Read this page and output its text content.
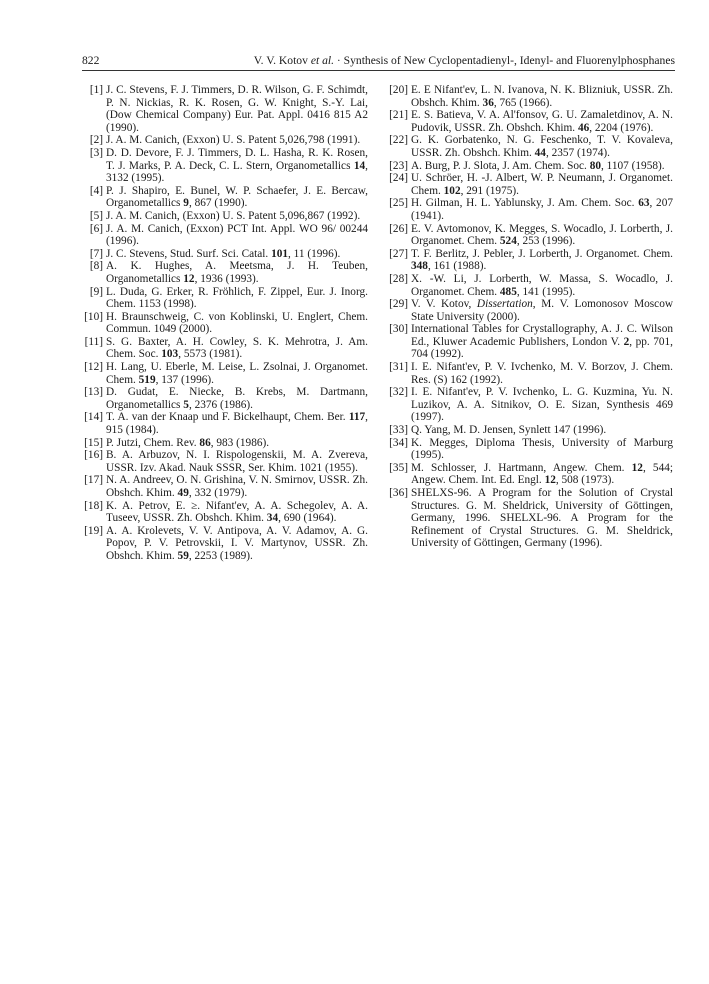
822	V. V. Kotov et al. · Synthesis of New Cyclopentadienyl-, Idenyl- and Fluorenylphosphanes
[1] J. C. Stevens, F. J. Timmers, D. R. Wilson, G. F. Schimdt, P. N. Nickias, R. K. Rosen, G. W. Knight, S.-Y. Lai, (Dow Chemical Company) Eur. Pat. Appl. 0416 815 A2 (1990).
[2] J. A. M. Canich, (Exxon) U. S. Patent 5,026,798 (1991).
[3] D. D. Devore, F. J. Timmers, D. L. Hasha, R. K. Rosen, T. J. Marks, P. A. Deck, C. L. Stern, Organometallics 14, 3132 (1995).
[4] P. J. Shapiro, E. Bunel, W. P. Schaefer, J. E. Bercaw, Organometallics 9, 867 (1990).
[5] J. A. M. Canich, (Exxon) U. S. Patent 5,096,867 (1992).
[6] J. A. M. Canich, (Exxon) PCT Int. Appl. WO 96/ 00244 (1996).
[7] J. C. Stevens, Stud. Surf. Sci. Catal. 101, 11 (1996).
[8] A. K. Hughes, A. Meetsma, J. H. Teuben, Organometallics 12, 1936 (1993).
[9] L. Duda, G. Erker, R. Fröhlich, F. Zippel, Eur. J. Inorg. Chem. 1153 (1998).
[10] H. Braunschweig, C. von Koblinski, U. Englert, Chem. Commun. 1049 (2000).
[11] S. G. Baxter, A. H. Cowley, S. K. Mehrotra, J. Am. Chem. Soc. 103, 5573 (1981).
[12] H. Lang, U. Eberle, M. Leise, L. Zsolnai, J. Organomet. Chem. 519, 137 (1996).
[13] D. Gudat, E. Niecke, B. Krebs, M. Dartmann, Organometallics 5, 2376 (1986).
[14] T. A. van der Knaap und F. Bickelhaupt, Chem. Ber. 117, 915 (1984).
[15] P. Jutzi, Chem. Rev. 86, 983 (1986).
[16] B. A. Arbuzov, N. I. Rispologenskii, M. A. Zvereva, USSR. Izv. Akad. Nauk SSSR, Ser. Khim. 1021 (1955).
[17] N. A. Andreev, O. N. Grishina, V. N. Smirnov, USSR. Zh. Obshch. Khim. 49, 332 (1979).
[18] K. A. Petrov, E. ≥. Nifant'ev, A. A. Schegolev, A. A. Tuseev, USSR. Zh. Obshch. Khim. 34, 690 (1964).
[19] A. A. Krolevets, V. V. Antipova, A. V. Adamov, A. G. Popov, P. V. Petrovskii, I. V. Martynov, USSR. Zh. Obshch. Khim. 59, 2253 (1989).
[20] E. E Nifant'ev, L. N. Ivanova, N. K. Blizniuk, USSR. Zh. Obshch. Khim. 36, 765 (1966).
[21] E. S. Batieva, V. A. Al'fonsov, G. U. Zamaletdinov, A. N. Pudovik, USSR. Zh. Obshch. Khim. 46, 2204 (1976).
[22] G. K. Gorbatenko, N. G. Feschenko, T. V. Kovaleva, USSR. Zh. Obshch. Khim. 44, 2357 (1974).
[23] A. Burg, P. J. Slota, J. Am. Chem. Soc. 80, 1107 (1958).
[24] U. Schröer, H. -J. Albert, W. P. Neumann, J. Organomet. Chem. 102, 291 (1975).
[25] H. Gilman, H. L. Yablunsky, J. Am. Chem. Soc. 63, 207 (1941).
[26] E. V. Avtomonov, K. Megges, S. Wocadlo, J. Lorberth, J. Organomet. Chem. 524, 253 (1996).
[27] T. F. Berlitz, J. Pebler, J. Lorberth, J. Organomet. Chem. 348, 161 (1988).
[28] X. -W. Li, J. Lorberth, W. Massa, S. Wocadlo, J. Organomet. Chem. 485, 141 (1995).
[29] V. V. Kotov, Dissertation, M. V. Lomonosov Moscow State University (2000).
[30] International Tables for Crystallography, A. J. C. Wilson Ed., Kluwer Academic Publishers, London V. 2, pp. 701, 704 (1992).
[31] I. E. Nifant'ev, P. V. Ivchenko, M. V. Borzov, J. Chem. Res. (S) 162 (1992).
[32] I. E. Nifant'ev, P. V. Ivchenko, L. G. Kuzmina, Yu. N. Luzikov, A. A. Sitnikov, O. E. Sizan, Synthesis 469 (1997).
[33] Q. Yang, M. D. Jensen, Synlett 147 (1996).
[34] K. Megges, Diploma Thesis, University of Marburg (1995).
[35] M. Schlosser, J. Hartmann, Angew. Chem. 12, 544; Angew. Chem. Int. Ed. Engl. 12, 508 (1973).
[36] SHELXS-96. A Program for the Solution of Crystal Structures. G. M. Sheldrick, University of Göttingen, Germany, 1996. SHELXL-96. A Program for the Refinement of Crystal Structures. G. M. Sheldrick, University of Göttingen, Germany (1996).
